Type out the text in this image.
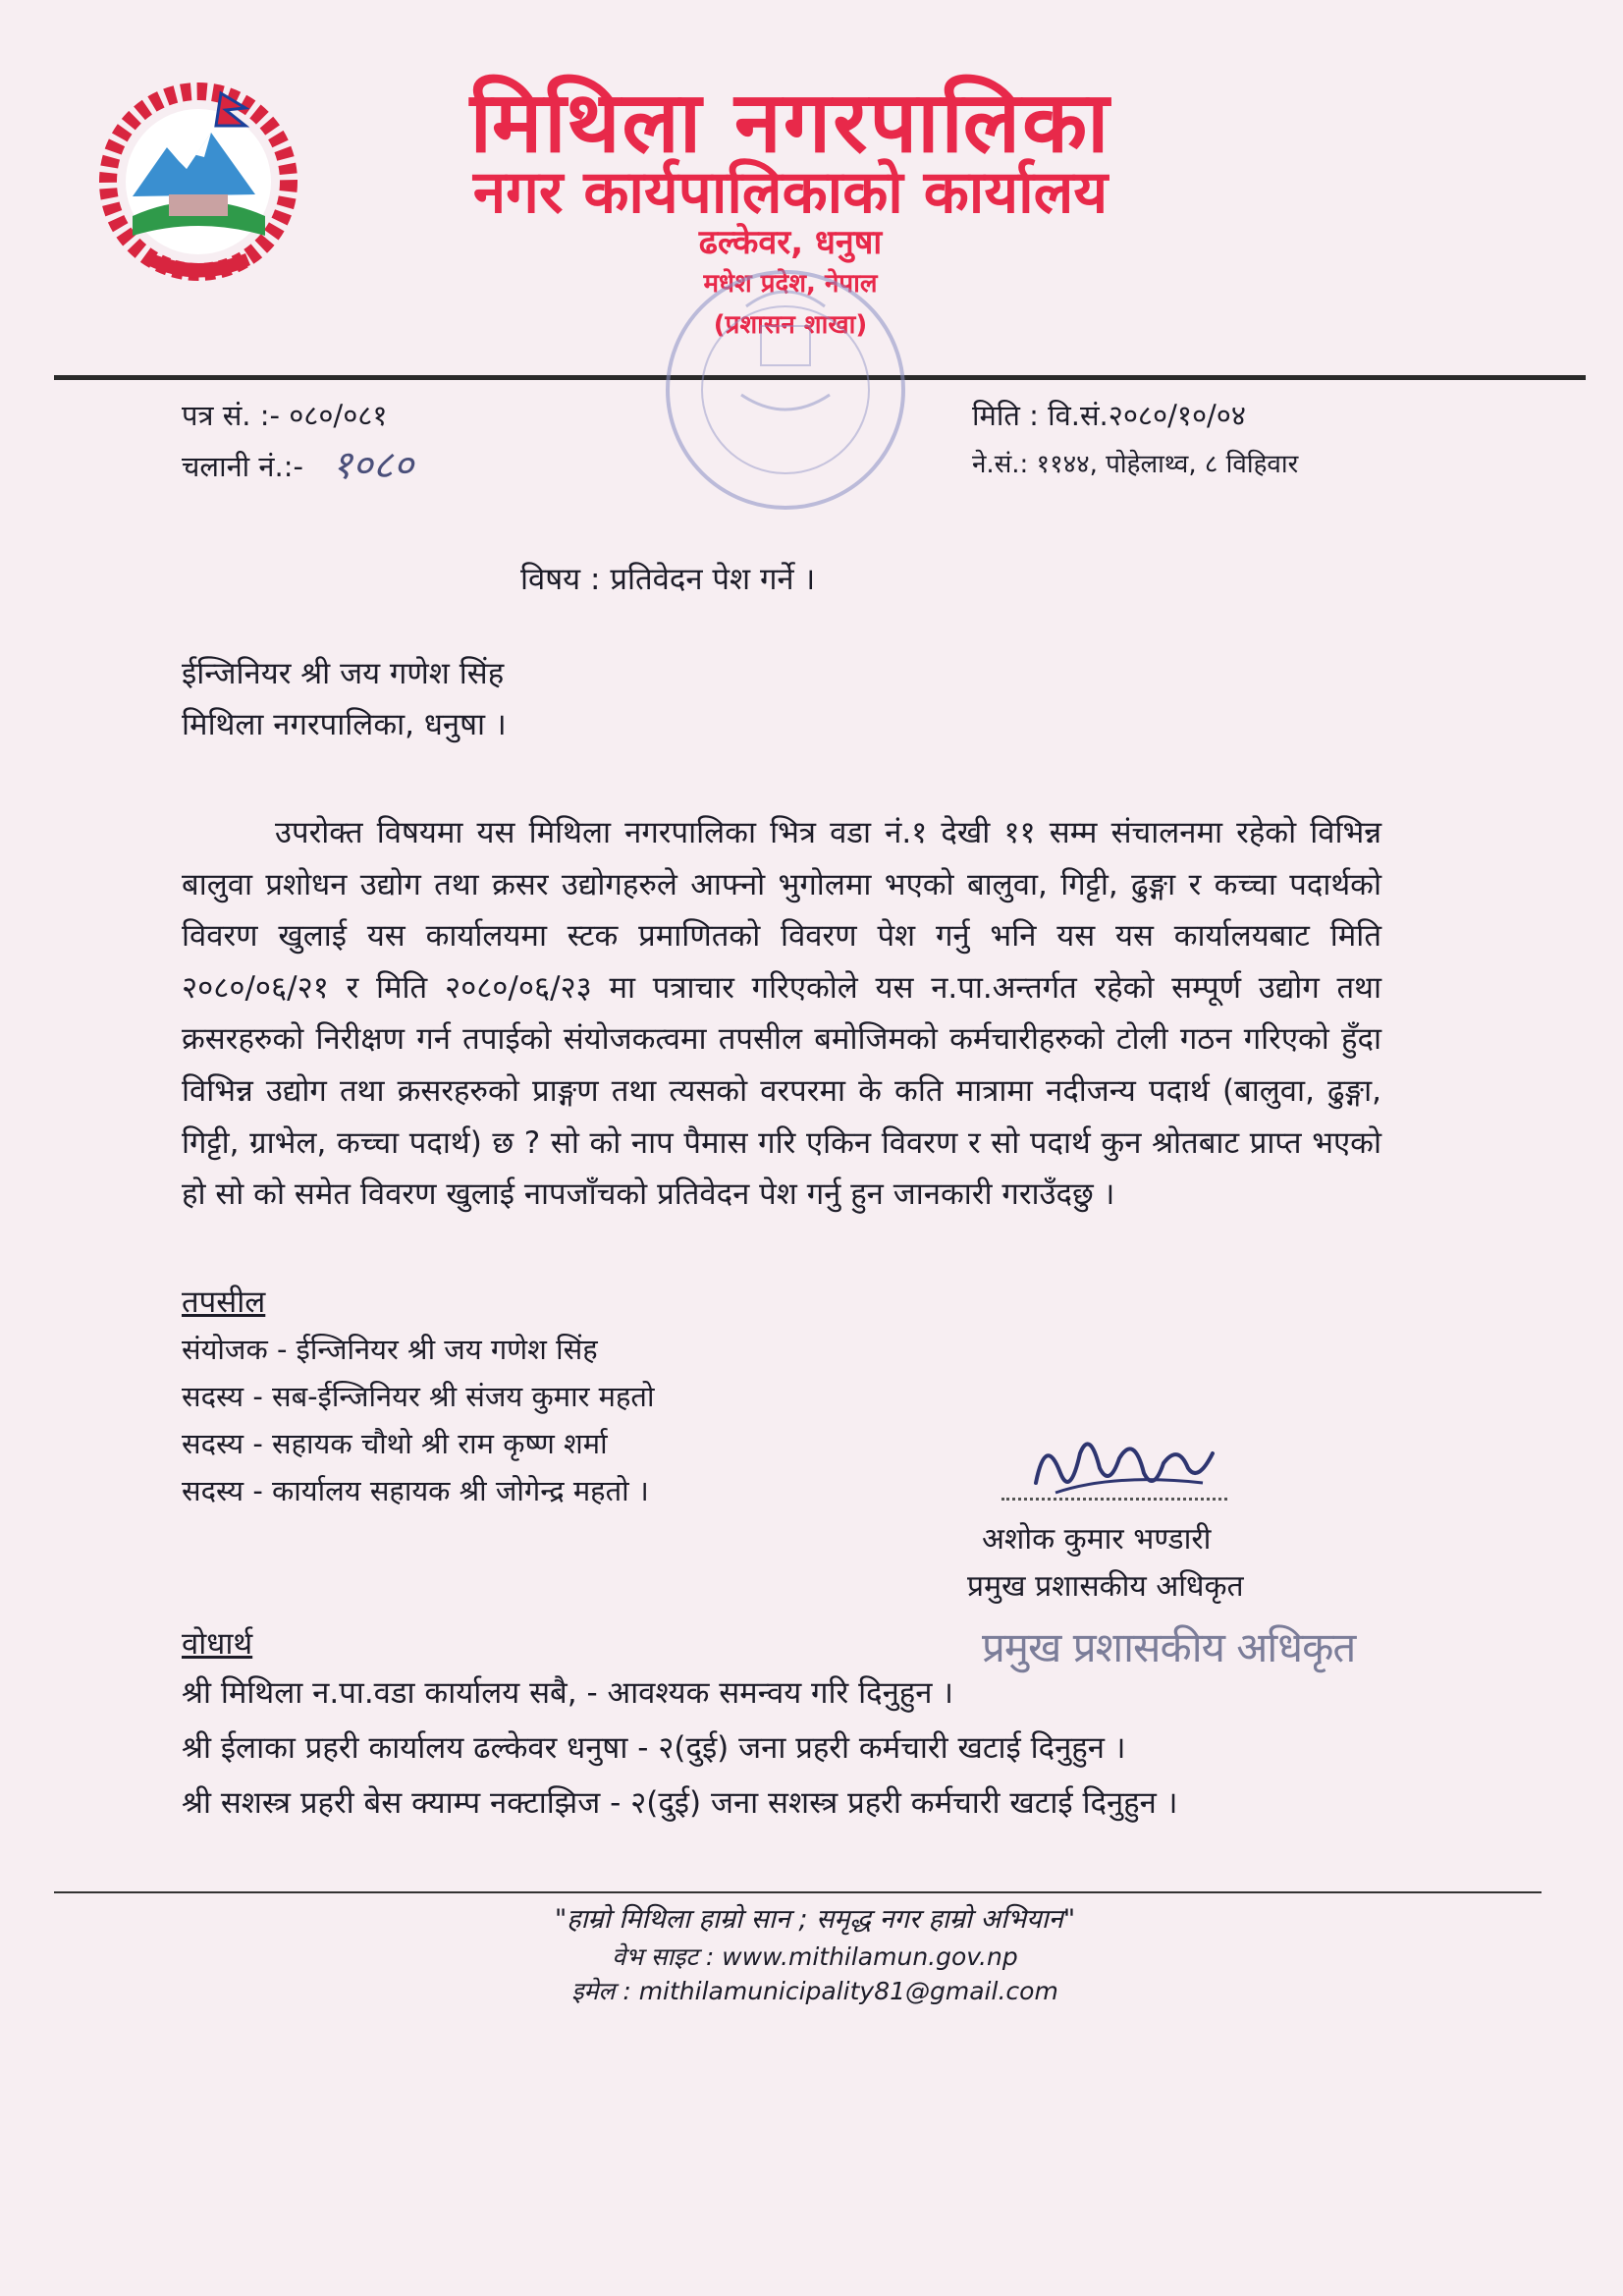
मिथिला नगरपालिका
नगर कार्यपालिकाको कार्यालय
ढल्केवर, धनुषा
मधेश प्रदेश, नेपाल
(प्रशासन शाखा)
पत्र सं. :- ०८०/०८१
चलानी नं.:- १०८०
मिति : वि.सं.२०८०/१०/०४
ने.सं.: ११४४, पोहेलाथ्व, ८ विहिवार
विषय : प्रतिवेदन पेश गर्ने ।
ईन्जिनियर श्री जय गणेश सिंह
मिथिला नगरपालिका, धनुषा ।
उपरोक्त विषयमा यस मिथिला नगरपालिका भित्र वडा नं.१ देखी ११ सम्म संचालनमा रहेको विभिन्न बालुवा प्रशोधन उद्योग तथा क्रसर उद्योगहरुले आफ्नो भुगोलमा भएको बालुवा, गिट्टी, ढुङ्गा र कच्चा पदार्थको विवरण खुलाई यस कार्यालयमा स्टक प्रमाणितको विवरण पेश गर्नु भनि यस यस कार्यालयबाट मिति २०८०/०६/२१ र मिति २०८०/०६/२३ मा पत्राचार गरिएकोले यस न.पा.अन्तर्गत रहेको सम्पूर्ण उद्योग तथा क्रसरहरुको निरीक्षण गर्न तपाईको संयोजकत्वमा तपसील बमोजिमको कर्मचारीहरुको टोली गठन गरिएको हुँदा विभिन्न उद्योग तथा क्रसरहरुको प्राङ्गण तथा त्यसको वरपरमा के कति मात्रामा नदीजन्य पदार्थ (बालुवा, ढुङ्गा, गिट्टी, ग्राभेल, कच्चा पदार्थ) छ ? सो को नाप पैमास गरि एकिन विवरण र सो पदार्थ कुन श्रोतबाट प्राप्त भएको हो सो को समेत विवरण खुलाई नापजाँचको प्रतिवेदन पेश गर्नु हुन जानकारी गराउँदछु ।
तपसील
संयोजक - ईन्जिनियर श्री जय गणेश सिंह
सदस्य - सब-ईन्जिनियर श्री संजय कुमार महतो
सदस्य - सहायक चौथो श्री राम कृष्ण शर्मा
सदस्य - कार्यालय सहायक श्री जोगेन्द्र महतो ।
अशोक कुमार भण्डारी
प्रमुख प्रशासकीय अधिकृत
प्रमुख प्रशासकीय अधिकृत
वोधार्थ
श्री मिथिला न.पा.वडा कार्यालय सबै, - आवश्यक समन्वय गरि दिनुहुन ।
श्री ईलाका प्रहरी कार्यालय ढल्केवर धनुषा - २(दुई) जना प्रहरी कर्मचारी खटाई दिनुहुन ।
श्री सशस्त्र प्रहरी बेस क्याम्प नक्टाझिज - २(दुई) जना सशस्त्र प्रहरी कर्मचारी खटाई दिनुहुन ।
"हाम्रो मिथिला हाम्रो सान ; समृद्ध नगर हाम्रो अभियान"
वेभ साइट : www.mithilamun.gov.np
इमेल : mithilamunicipality81@gmail.com
